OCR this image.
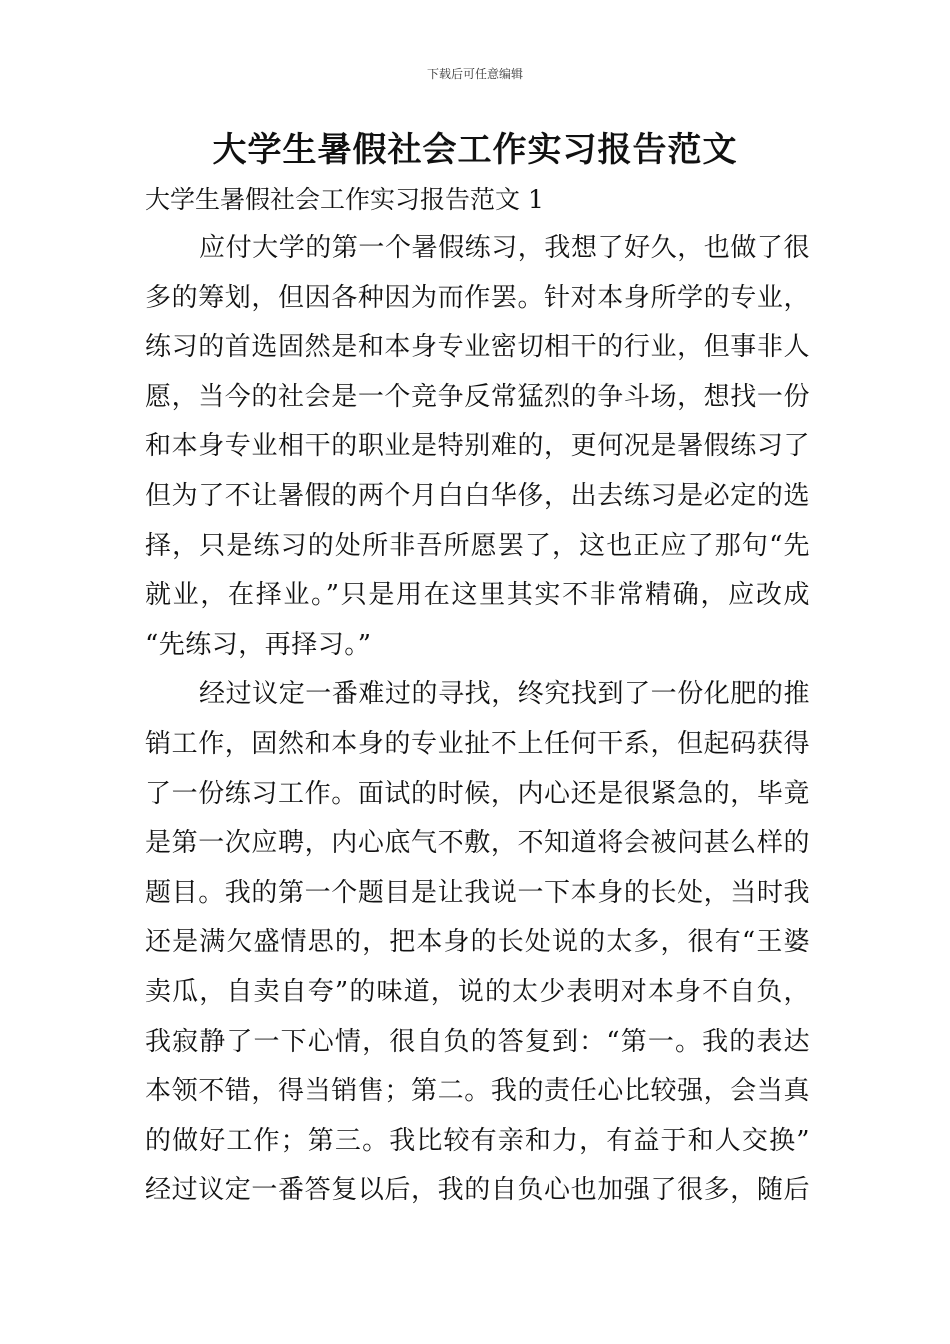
下载后可任意编辑
大学生暑假社会工作实习报告范文

大学生暑假社会工作实习报告范文 1

应付大学的第一个暑假练习，我想了好久，也做了很
多的筹划，但因各种因为而作罢。针对本身所学的专业，
练习的首选固然是和本身专业密切相干的行业，但事非人
愿，当今的社会是一个竞争反常猛烈的争斗场，想找一份
和本身专业相干的职业是特别难的，更何况是暑假练习了
但为了不让暑假的两个月白白华侈，出去练习是必定的选
择，只是练习的处所非吾所愿罢了，这也正应了那句“先
就业，在择业。”只是用在这里其实不非常精确，应改成
“先练习，再择习。”

经过议定一番难过的寻找，终究找到了一份化肥的推
销工作，固然和本身的专业扯不上任何干系，但起码获得
了一份练习工作。面试的时候，内心还是很紧急的，毕竟
是第一次应聘，内心底气不敷，不知道将会被问甚么样的
题目。我的第一个题目是让我说一下本身的长处，当时我
还是满欠盛情思的，把本身的长处说的太多，很有“王婆
卖瓜，自卖自夸”的味道，说的太少表明对本身不自负，
我寂静了一下心情，很自负的答复到：“第一。我的表达
本领不错，得当销售；第二。我的责任心比较强，会当真
的做好工作；第三。我比较有亲和力，有益于和人交换”
经过议定一番答复以后，我的自负心也加强了很多，随后
